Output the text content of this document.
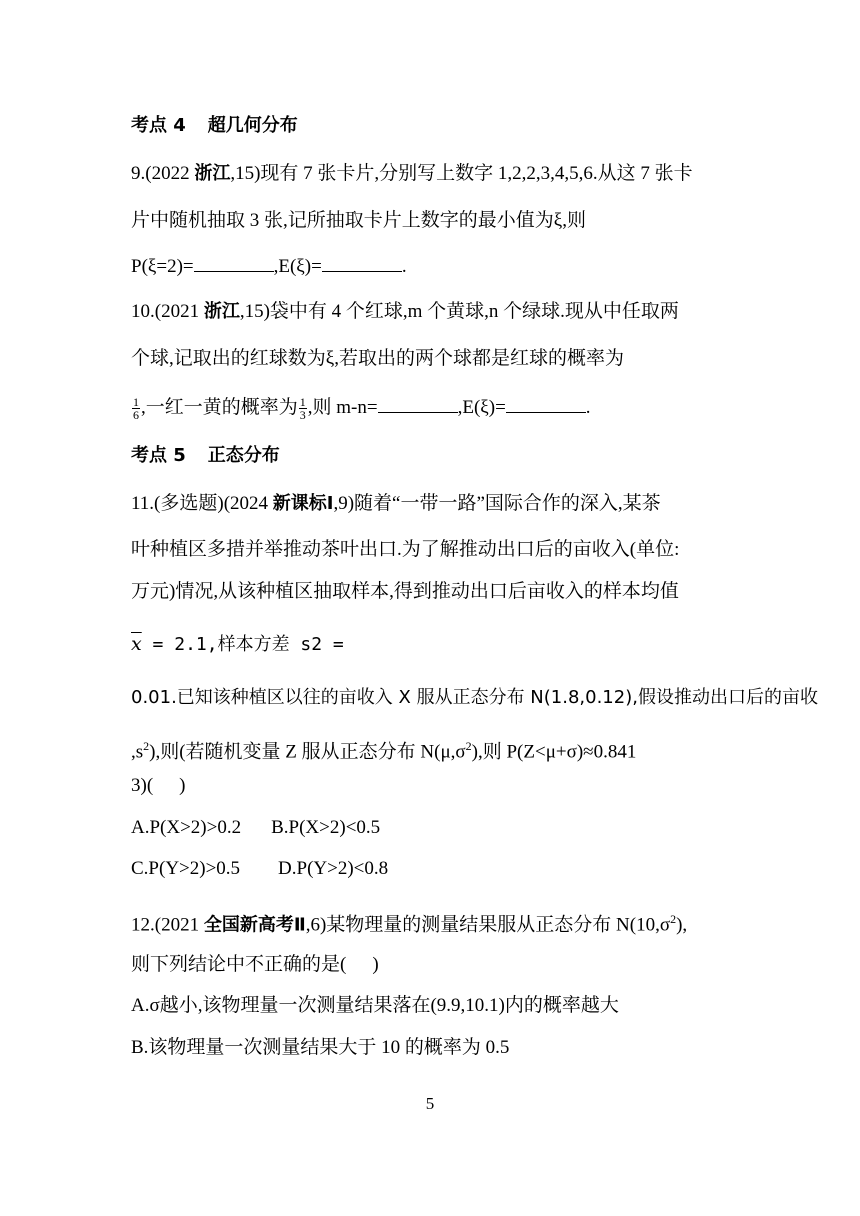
考点 4 超几何分布
9.(2022 浙江,15)现有 7 张卡片,分别写上数字 1,2,2,3,4,5,6.从这 7 张卡
片中随机抽取 3 张,记所抽取卡片上数字的最小值为ξ,则
P(ξ=2)=	,E(ξ)=	.
10.(2021 浙江,15)袋中有 4 个红球,m 个黄球,n 个绿球.现从中任取两
个球,记取出的红球数为ξ,若取出的两个球都是红球的概率为
$\frac{1}{6}$ ,一红一黄的概率为 $\frac{1}{3}$ ,则 m-n=	,E(ξ)=	.
考点 5 正态分布
11.(多选题)(2024 新课标Ⅰ,9)随着“一带一路”国际合作的深入,某茶
叶种植区多措并举推动茶叶出口.为了解推动出口后的亩收入(单位:
万元)情况,从该种植区抽取样本,得到推动出口后亩收入的样本均值
$\overline{x} = 2.1$,样本方差 s2 =
0.01.已知该种植区以往的亩收入 X 服从正态分布 N(1.8,0.12),假设推动出口后的亩收
$,s^2$),则(若随机变量 Z 服从正态分布 $N(\mu,\sigma^2)$,则 P(Z<μ+σ)≈0.841
3)( )
A.P(X>2)>0.2 B.P(X>2)<0.5
C.P(Y>2)>0.5 D.P(Y>2)<0.8
12.(2021 全国新高考Ⅱ,6)某物理量的测量结果服从正态分布 $N(10,\sigma^2)$,
则下列结论中不正确的是( )
A.σ越小,该物理量一次测量结果落在(9.9,10.1)内的概率越大
B.该物理量一次测量结果大于 10 的概率为 0.5
5
